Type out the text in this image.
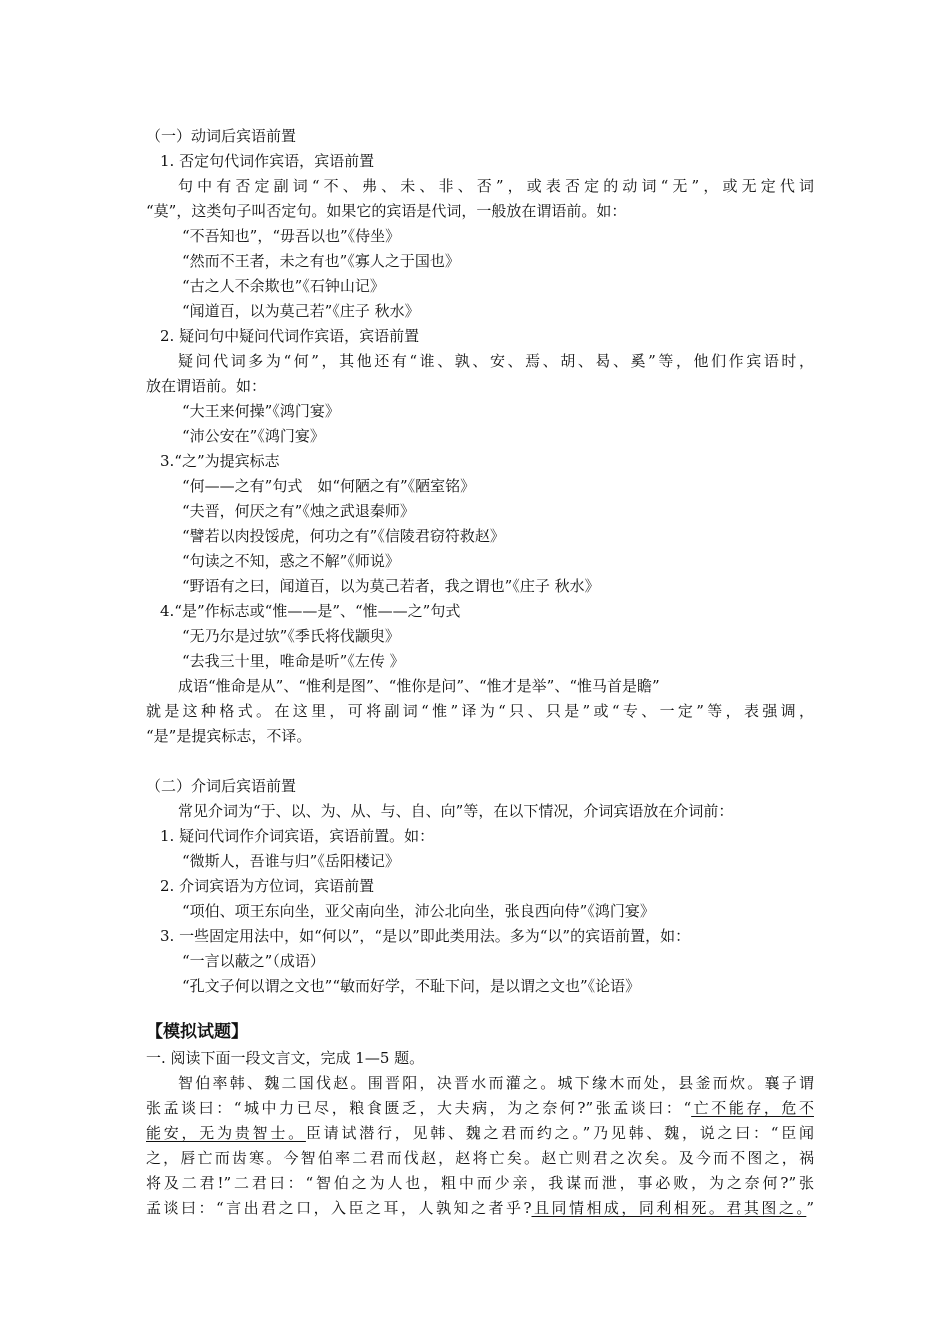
（一）动词后宾语前置
1. 否定句代词作宾语，宾语前置
句中有否定副词“不、弗、未、非、否”，或表否定的动词“无”，或无定代词
“莫”，这类句子叫否定句。如果它的宾语是代词，一般放在谓语前。如：
“不吾知也”，“毋吾以也”《侍坐》
“然而不王者，未之有也”《寡人之于国也》
“古之人不余欺也”《石钟山记》
“闻道百，以为莫己若”《庄子 秋水》
2. 疑问句中疑问代词作宾语，宾语前置
疑问代词多为“何”，其他还有“谁、孰、安、焉、胡、曷、奚”等，他们作宾语时，
放在谓语前。如：
“大王来何操”《鸿门宴》
“沛公安在”《鸿门宴》
3.“之”为提宾标志
“何——之有”句式　如“何陋之有”《陋室铭》
“夫晋，何厌之有”《烛之武退秦师》
“譬若以肉投馁虎，何功之有”《信陵君窃符救赵》
“句读之不知，惑之不解”《师说》
“野语有之曰，闻道百，以为莫己若者，我之谓也”《庄子 秋水》
4.“是”作标志或“惟——是”、“惟——之”句式
“无乃尔是过欤”《季氏将伐颛臾》
“去我三十里，唯命是听”《左传 》
成语“惟命是从”、“惟利是图”、“惟你是问”、“惟才是举”、“惟马首是瞻”
就是这种格式。在这里，可将副词“惟”译为“只、只是”或“专、一定”等，表强调，
“是”是提宾标志，不译。
（二）介词后宾语前置
常见介词为“于、以、为、从、与、自、向”等，在以下情况，介词宾语放在介词前：
1. 疑问代词作介词宾语，宾语前置。如：
“微斯人，吾谁与归”《岳阳楼记》
2. 介词宾语为方位词，宾语前置
“项伯、项王东向坐，亚父南向坐，沛公北向坐，张良西向侍”《鸿门宴》
3. 一些固定用法中，如“何以”，“是以”即此类用法。多为“以”的宾语前置，如：
“一言以蔽之”（成语）
“孔文子何以谓之文也”“敏而好学，不耻下问，是以谓之文也”《论语》
【模拟试题】
一. 阅读下面一段文言文，完成 1—5 题。
智伯率韩、魏二国伐赵。围晋阳，决晋水而灌之。城下缘木而处，县釜而炊。襄子谓
张孟谈曰：“城中力已尽，粮食匮乏，大夫病，为之奈何?”张孟谈曰：“亡不能存，危不
能安，无为贵智士。臣请试潜行，见韩、魏之君而约之。”乃见韩、魏，说之曰：“臣闻
之，唇亡而齿寒。今智伯率二君而伐赵，赵将亡矣。赵亡则君之次矣。及今而不图之，祸
将及二君!”二君曰：“智伯之为人也，粗中而少亲，我谋而泄，事必败，为之奈何?”张
孟谈曰：“言出君之口，入臣之耳，人孰知之者乎?且同情相成，同利相死。君其图之。”
